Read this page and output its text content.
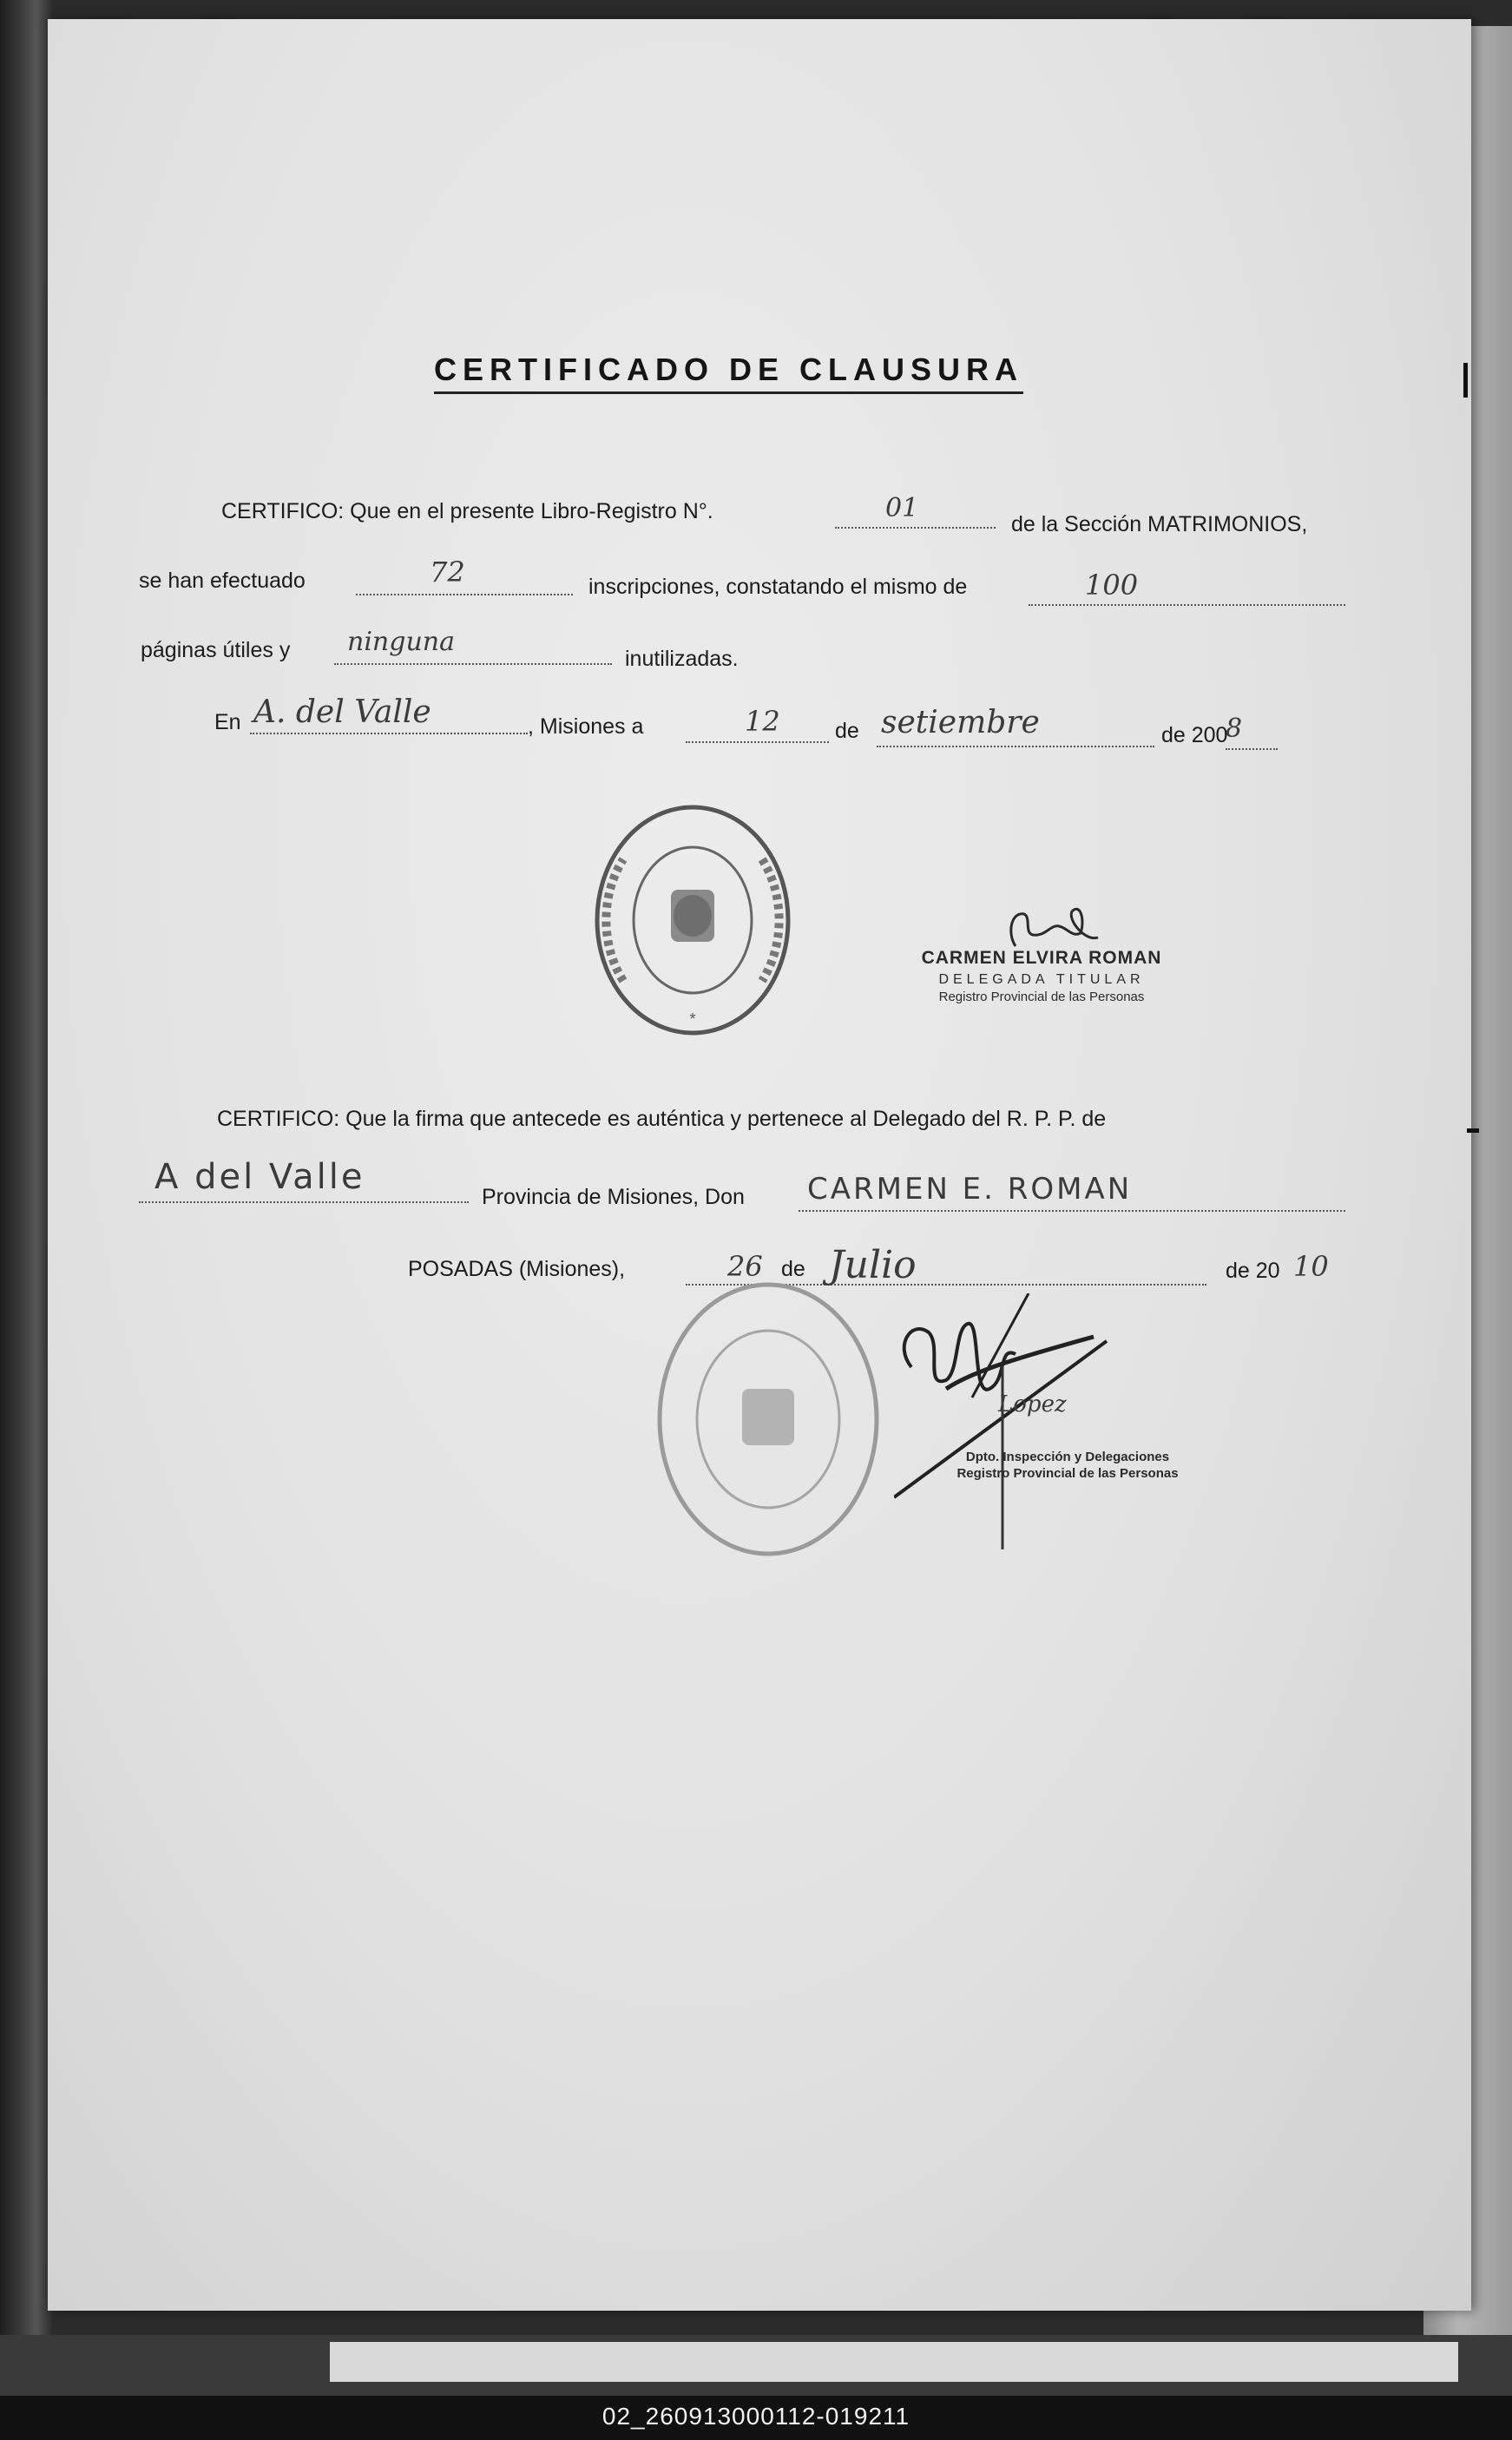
CERTIFICADO DE CLAUSURA
CERTIFICO: Que en el presente Libro-Registro N°.	01
de la Sección MATRIMONIOS,
se han efectuado	72	inscripciones, constatando el mismo de	100
páginas útiles y ninguna
inutilizadas.
En A. del Valle	, Misiones a	12	de setiembre	de 200
8
*
CARMEN ELVIRA ROMAN
DELEGADA TITULAR
Registro Provincial de las Personas
CERTIFICO: Que la firma que antecede es auténtica y pertenece al Delegado del R. P. P. de
A del Valle	Provincia de Misiones, Don CARMEN E. ROMAN
POSADAS (Misiones),	26 de Julio	de 20 10
Lopez
Dpto. Inspección y Delegaciones
Registro Provincial de las Personas
02_260913000112-019211
